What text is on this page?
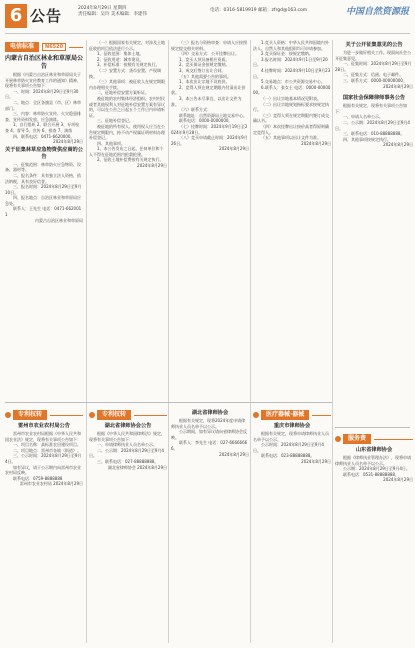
6 公告	2024年8月29日 星期四
责任编辑：吴玲 美术编辑：李建伟
电话：0316-5819919 邮箱：zfrgd@163.com	中国自然资源报
电信标准	N6520
内蒙古自治区林业和草原局公告

根据《内蒙古自治区林业和草原局关于开展林草防火宣传教育工作的通知》精神，现将有关事项公告如下：

一、时间：2024年8月29日至9月30日。

二、地点：全区各旗县（市、区）林草部门。

三、内容：林草防火宣传、火灾隐患排查、宣传资料发放、应急演练。

1、自行组织 2、联合开展 3、专项检查 4、督导 5、宣传 6、排查 7、演练

四、联系电话：0471-6620000。

2024年8月29日
关于征集林草应急物资供应商的公告

一、征集范围：林草防火应急物资、设备、器材等。

二、报名条件：具有独立法人资格，依法纳税，具有良好信誉。

三、报名时间：2024年8月29日至9月10日。

四、报名地点：自治区林业和草原局应急处。

联系人：王先生 电话：0471-6620011

内蒙古自治区林业和草原局
专利权转
雷州市农业农村局公告

雷州市农业农村局根据《中华人民共和国农业法》规定，现将有关事项公告如下：

一、项目名称：高标准农田建设项目。

二、项目地点：雷州市各镇（街道）。

三、公示时间：2024年8月29日至9月4日。

如有异议，请于公示期内向雷州市农业农村局反映。

联系电话：0759-8888888

雷州市农业农村局 2024年8月29日

（一）根据国家有关规定，对涉及土地征收的项目依法进行公示。

1、征收范围：集体土地。

2、征收用途：城市建设。

3、补偿标准：按照有关规定执行。

（二）安置方式：货币安置、产权调换。

（三）其他事项：被征收人在规定期限内办理相关手续。

二、征地补偿安置方案听证。

被征地的农村集体经济组织、农村村民或者其他权利人对征地补偿安置方案有异议的，可以在公告之日起五个工作日内申请听证。

三、征地补偿登记。

被征地的所有权人、使用权人应当在公告规定期限内，持不动产权属证明材料办理补偿登记。

四、其他事项。

1、本公告发布之日起，任何单位和个人不得在征地范围内抢栽抢建。

2、征收土地补偿费按有关规定执行。

2024年8月29日
专利权转
湖北省律师协会公告

根据《中华人民共和国律师法》规定，现将有关事项公告如下：

一、申请律师执业人员名单公示。

二、公示期：2024年8月29日至9月4日。

三、联系电话：027-88888888。

湖北省律师协会 2024年8月29日

（三）报名与资格审查：申请人应按照规定提交相关材料。

（四）交易方式：公开挂牌出让。

1、竞买人须具备相应资质。

2、竞买保证金按规定缴纳。

3、成交后签订出让合同。

（五）其他需要公告的事项。

1、本次出让宗地不设底价。

2、竞得人须在规定期限内付清出让价款。

3、本公告未尽事宜，以出让文件为准。

（六）联系方式：

联系地址：自然资源局土地交易中心。

联系电话：0000-0000000。

（七）挂牌时间：2024年9月19日至2024年9月28日。

（八）竞买申请截止时间：2024年9月26日。

2024年8月29日
湖北省律师协会

根据有关规定，现将2024年度申请律师执业人员名单予以公示。

公示期间，如有异议请向省律师协会反映。

联系人：李先生 电话：027-66666666。

2024年8月29日

1.竞买人资格：中华人民共和国境内外法人、自然人和其他组织均可申请参加。

2.竞买保证金：按规定缴纳。

3.报名时间：2024年9月1日至9月20日。

4.挂牌时间：2024年9月10日至9月23日。

5.交易地点：市公共资源交易中心。

6.联系人：张女士 电话：0000-0000000。

（一）出让宗地基本情况见附表。

（二）出让宗地规划指标要求按规定执行。

（三）竞得人须在规定期限内签订成交确认书。

（四）本次挂牌出让按价高者得原则确定竞得人。

（五）其他事项以出让文件为准。

2024年8月29日
医疗器械·器械
重庆市律师协会

根据有关规定，现将申请律师执业人员名单予以公示。

公示时间：2024年8月29日至9月4日。

联系电话：023-88888888。

2024年8月29日
关于公开征集意见的公告

为进一步做好相关工作，现面向社会公开征集意见。

一、征集时间：2024年8月29日至9月28日。

二、征集方式：信函、电子邮件。

三、联系方式：0000-00000000。

2024年8月29日
国家社会保障律师事务公告

根据有关规定，现将有关事项公告如下：

一、申请人名单公示。

二、公示期：2024年8月29日至9月4日。

三、联系电话：010-88888888。

四、其他事项按规定执行。

2024年8月29日
服务费
山东省律师协会

根据《律师执业管理办法》，现将申请律师执业人员名单予以公示。

公示期：2024年8月29日至9月4日。

联系电话：0531-88888888。

2024年8月29日
